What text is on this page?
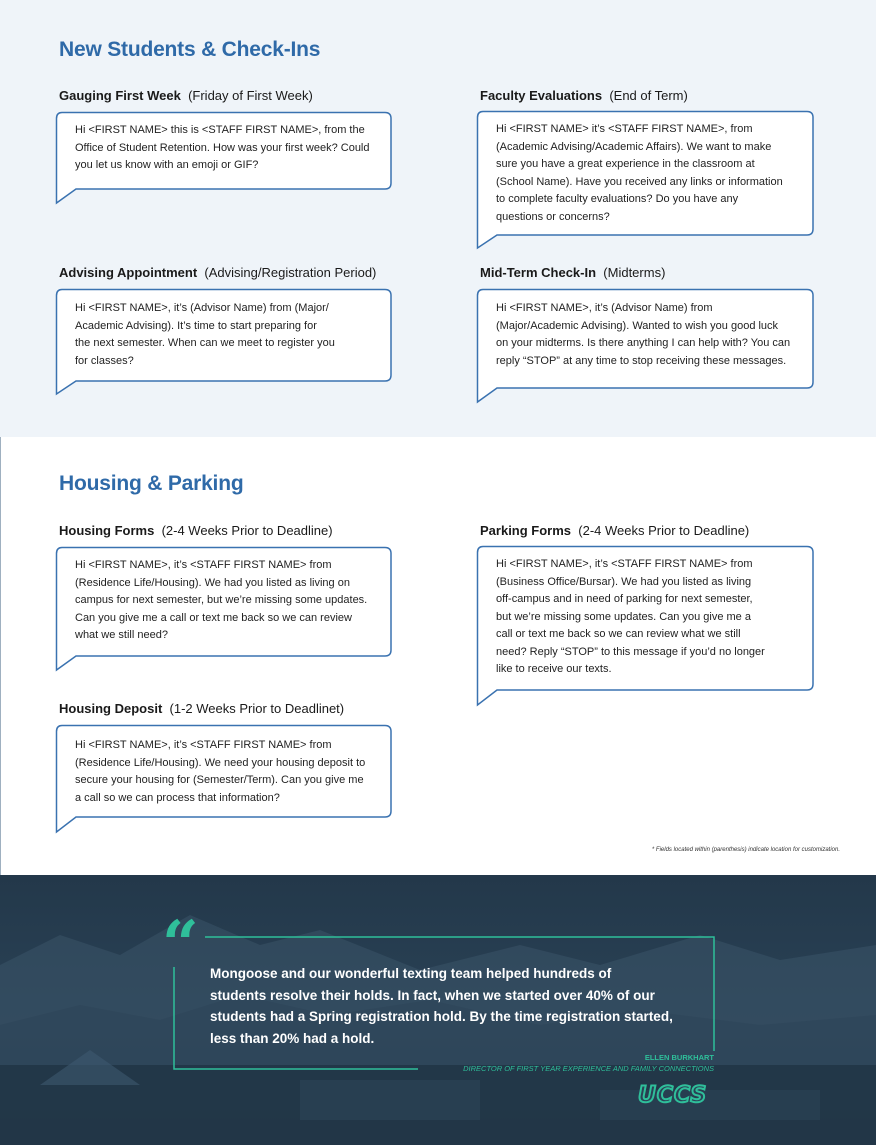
New Students & Check-Ins
Gauging First Week (Friday of First Week)
Hi <FIRST NAME> this is <STAFF FIRST NAME>, from the
Office of Student Retention. How was your first week? Could
you let us know with an emoji or GIF?
Faculty Evaluations (End of Term)
Hi <FIRST NAME> it’s <STAFF FIRST NAME>, from
(Academic Advising/Academic Affairs). We want to make
sure you have a great experience in the classroom at
(School Name). Have you received any links or information
to complete faculty evaluations? Do you have any
questions or concerns?
Advising Appointment (Advising/Registration Period)
Hi <FIRST NAME>, it’s (Advisor Name) from (Major/
Academic Advising). It’s time to start preparing for
the next semester. When can we meet to register you
for classes?
Mid-Term Check-In (Midterms)
Hi <FIRST NAME>, it’s (Advisor Name) from
(Major/Academic Advising). Wanted to wish you good luck
on your midterms. Is there anything I can help with? You can
reply “STOP” at any time to stop receiving these messages.
Housing & Parking
Housing Forms (2-4 Weeks Prior to Deadline)
Hi <FIRST NAME>, it’s <STAFF FIRST NAME> from
(Residence Life/Housing). We had you listed as living on
campus for next semester, but we’re missing some updates.
Can you give me a call or text me back so we can review
what we still need?
Parking Forms (2-4 Weeks Prior to Deadline)
Hi <FIRST NAME>, it’s <STAFF FIRST NAME> from
(Business Office/Bursar). We had you listed as living
off-campus and in need of parking for next semester,
but we’re missing some updates. Can you give me a
call or text me back so we can review what we still
need? Reply “STOP” to this message if you’d no longer
like to receive our texts.
Housing Deposit (1-2 Weeks Prior to Deadlinet)
Hi <FIRST NAME>, it’s <STAFF FIRST NAME> from
(Residence Life/Housing). We need your housing deposit to
secure your housing for (Semester/Term). Can you give me
a call so we can process that information?
* Fields located within (parenthesis) indicate location for customization.
“ Mongoose and our wonderful texting team helped hundreds of
students resolve their holds. In fact, when we started over 40% of our
students had a Spring registration hold. By the time registration started,
less than 20% had a hold.
ELLEN BURKHART
DIRECTOR OF FIRST YEAR EXPERIENCE AND FAMILY CONNECTIONS
UCCS
